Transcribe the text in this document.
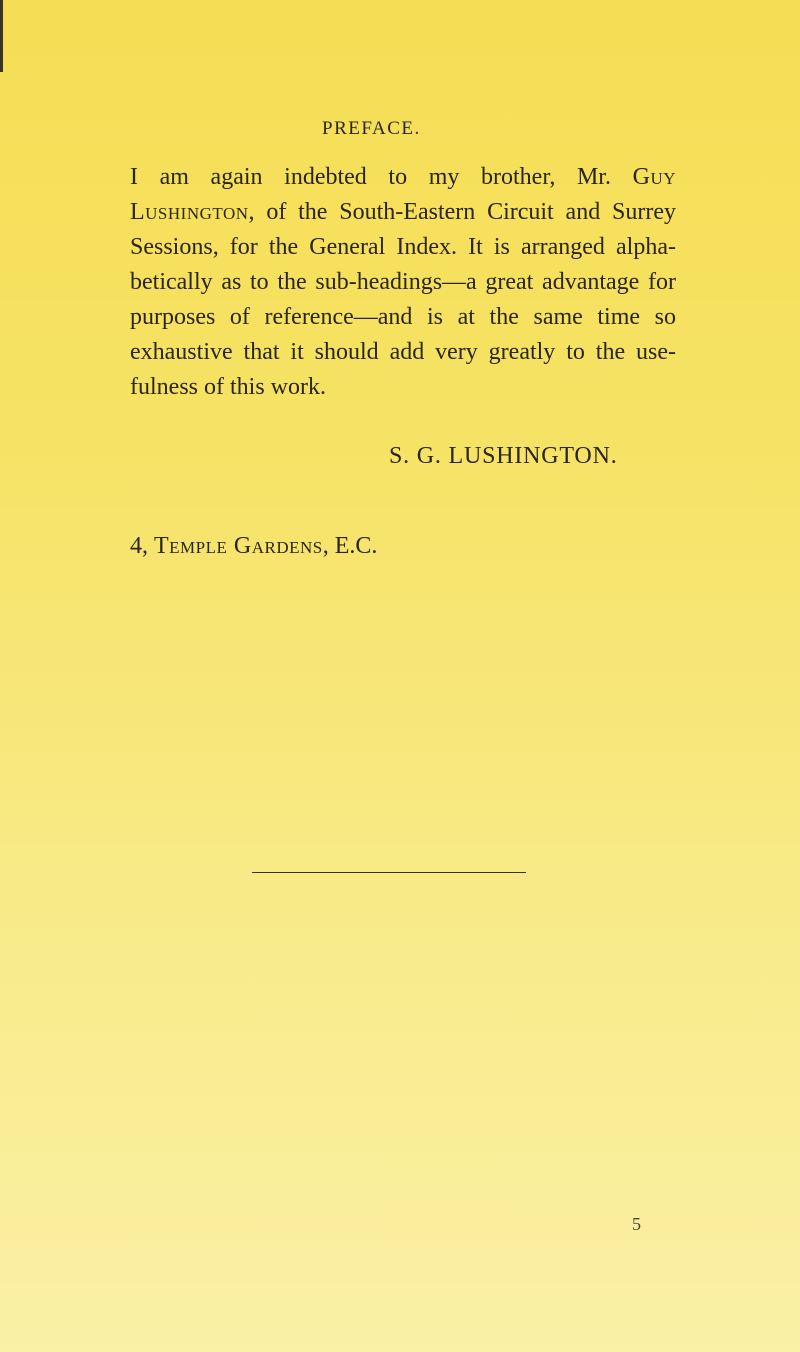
PREFACE.
I am again indebted to my brother, Mr. Guy Lushington, of the South-Eastern Circuit and Surrey Sessions, for the General Index. It is arranged alpha- betically as to the sub-headings—a great advantage for purposes of reference—and is at the same time so exhaustive that it should add very greatly to the use- fulness of this work.
S. G. LUSHINGTON.
4, Temple Gardens, E.C.
5
